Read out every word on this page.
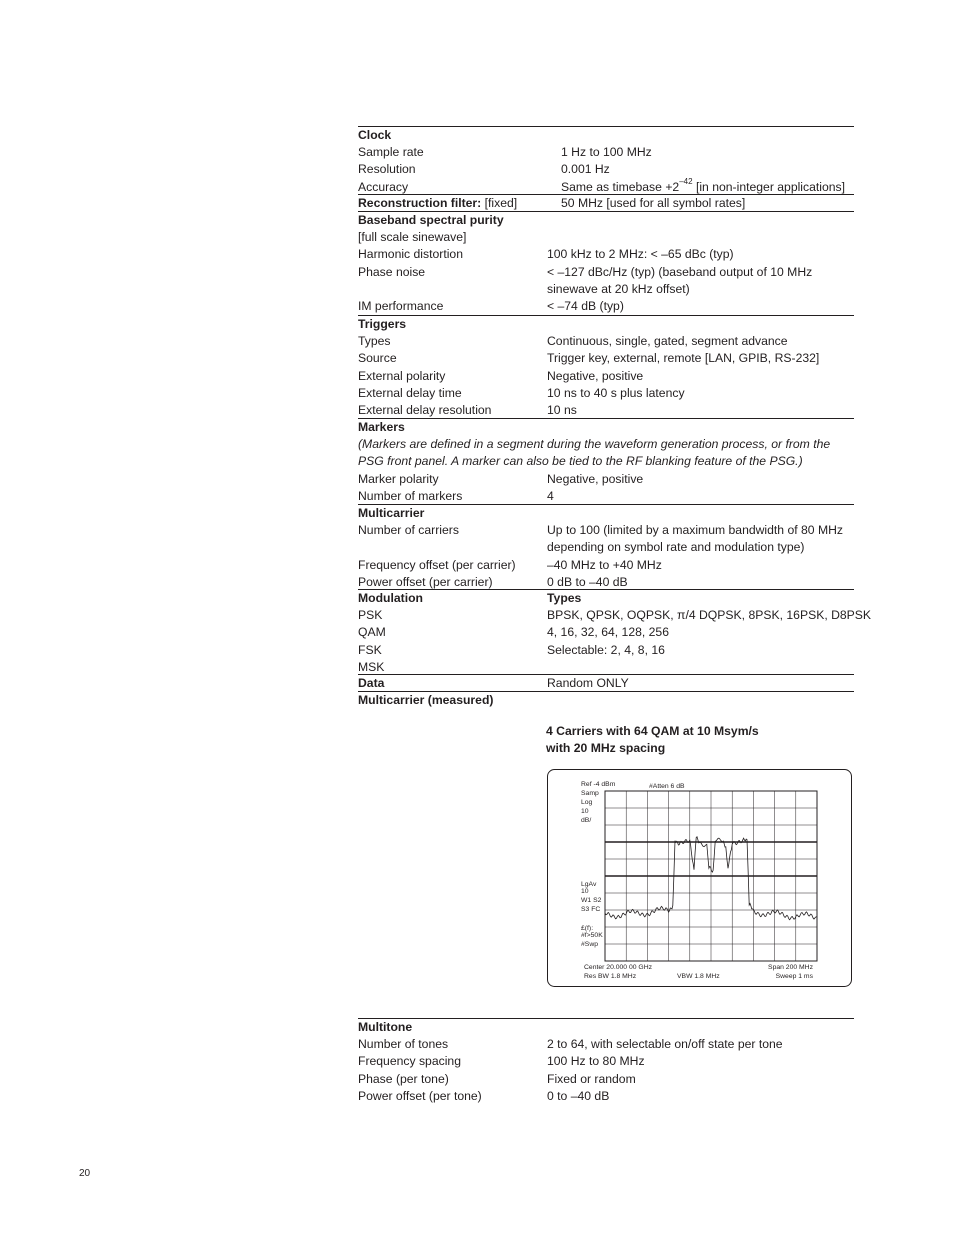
Clock
Sample rate	1 Hz to 100 MHz
Resolution	0.001 Hz
Accuracy	Same as timebase $+2^{-42}$ [in non-integer applications]
Reconstruction filter: [fixed]	50 MHz [used for all symbol rates]
Baseband spectral purity
[full scale sinewave]
Harmonic distortion	100 kHz to 2 MHz: < –65 dBc (typ)
Phase noise	< –127 dBc/Hz (typ) (baseband output of 10 MHz
sinewave at 20 kHz offset)
IM performance	< –74 dB (typ)
Triggers
Types	Continuous, single, gated, segment advance
Source	Trigger key, external, remote [LAN, GPIB, RS-232]
External polarity	Negative, positive
External delay time	10 ns to 40 s plus latency
External delay resolution	10 ns
Markers
(Markers are defined in a segment during the waveform generation process, or from the PSG front panel. A marker can also be tied to the RF blanking feature of the PSG.)
Marker polarity	Negative, positive
Number of markers	4
Multicarrier
Number of carriers	Up to 100 (limited by a maximum bandwidth of 80 MHz
depending on symbol rate and modulation type)
Frequency offset (per carrier)	–40 MHz to +40 MHz
Power offset (per carrier)	0 dB to –40 dB
Modulation	Types
PSK	BPSK, QPSK, OQPSK, π/4 DQPSK, 8PSK, 16PSK, D8PSK
QAM	4, 16, 32, 64, 128, 256
FSK	Selectable: 2, 4, 8, 16
MSK
Data	Random ONLY
Multicarrier (measured)
4 Carriers with 64 QAM at 10 Msym/s
with 20 MHz spacing
Ref -4 dBm
Samp
Log
10
dB/
#Atten 6 dB
LgAv
10
W1 S2
S3 FC
£(f):
#f>50K
#Swp
Center 20.000 00 GHz
Res BW 1.8 MHz	VBW 1.8 MHz
Span 200 MHz
Sweep 1 ms
Multitone
Number of tones	2 to 64, with selectable on/off state per tone
Frequency spacing	100 Hz to 80 MHz
Phase (per tone)	Fixed or random
Power offset (per tone)	0 to –40 dB
20
